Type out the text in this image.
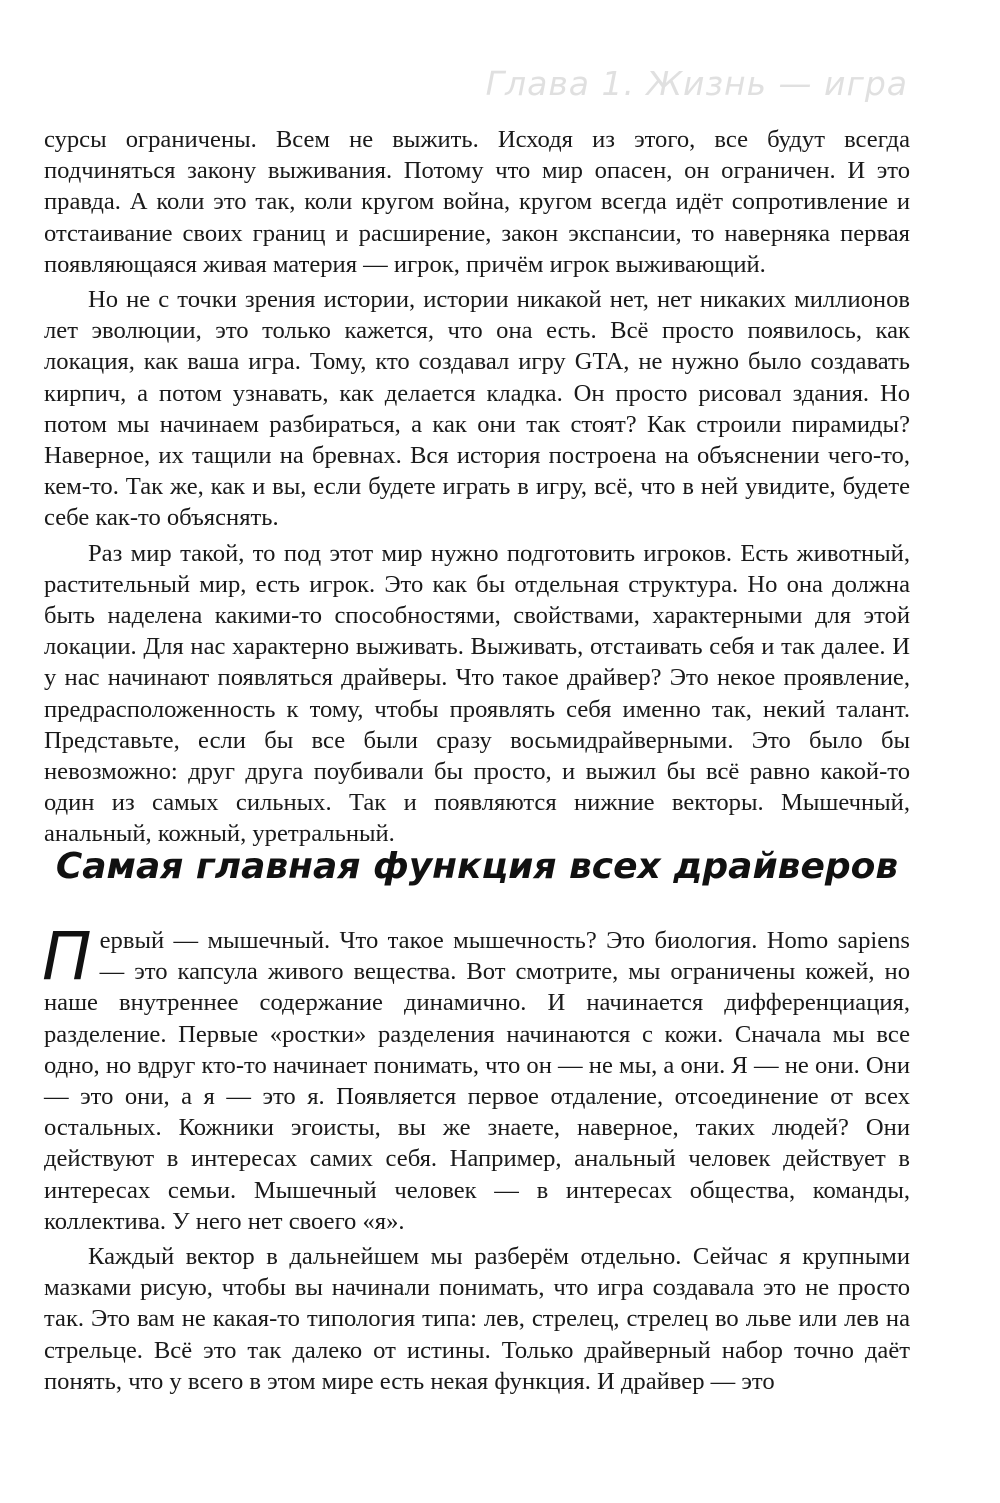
Глава 1. Жизнь — игра

сурсы ограничены. Всем не выжить. Исходя из этого, все будут всегда подчиняться закону выживания. Потому что мир опасен, он ограничен. И это правда. А коли это так, коли кругом война, кругом всегда идёт сопротивление и отстаивание своих границ и расширение, закон экспансии, то наверняка первая появляющаяся живая материя — игрок, причём игрок выживающий.

Но не с точки зрения истории, истории никакой нет, нет никаких миллионов лет эволюции, это только кажется, что она есть. Всё просто появилось, как локация, как ваша игра. Тому, кто создавал игру GTA, не нужно было создавать кирпич, а потом узнавать, как делается кладка. Он просто рисовал здания. Но потом мы начинаем разбираться, а как они так стоят? Как строили пирамиды? Наверное, их тащили на бревнах. Вся история построена на объяснении чего-то, кем-то. Так же, как и вы, если будете играть в игру, всё, что в ней увидите, будете себе как-то объяснять.

Раз мир такой, то под этот мир нужно подготовить игроков. Есть животный, растительный мир, есть игрок. Это как бы отдельная структура. Но она должна быть наделена какими-то способностями, свойствами, характерными для этой локации. Для нас характерно выживать. Выживать, отстаивать себя и так далее. И у нас начинают появляться драйверы. Что такое драйвер? Это некое проявление, предрасположенность к тому, чтобы проявлять себя именно так, некий талант. Представьте, если бы все были сразу восьмидрайверными. Это было бы невозможно: друг друга поубивали бы просто, и выжил бы всё равно какой-то один из самых сильных. Так и появляются нижние векторы. Мышечный, анальный, кожный, уретральный.

Самая главная функция всех драйверов

Первый — мышечный. Что такое мышечность? Это биология. Homo sapiens — это капсула живого вещества. Вот смотрите, мы ограничены кожей, но наше внутреннее содержание динамично. И начинается дифференциация, разделение. Первые «ростки» разделения начинаются с кожи. Сначала мы все одно, но вдруг кто-то начинает понимать, что он — не мы, а они. Я — не они. Они — это они, а я — это я. Появляется первое отдаление, отсоединение от всех остальных. Кожники эгоисты, вы же знаете, наверное, таких людей? Они действуют в интересах самих себя. Например, анальный человек действует в интересах семьи. Мышечный человек — в интересах общества, команды, коллектива. У него нет своего «я».

Каждый вектор в дальнейшем мы разберём отдельно. Сейчас я крупными мазками рисую, чтобы вы начинали понимать, что игра создавала это не просто так. Это вам не какая-то типология типа: лев, стрелец, стрелец во льве или лев на стрельце. Всё это так далеко от истины. Только драйверный набор точно даёт понять, что у всего в этом мире есть некая функция. И драйвер — это
